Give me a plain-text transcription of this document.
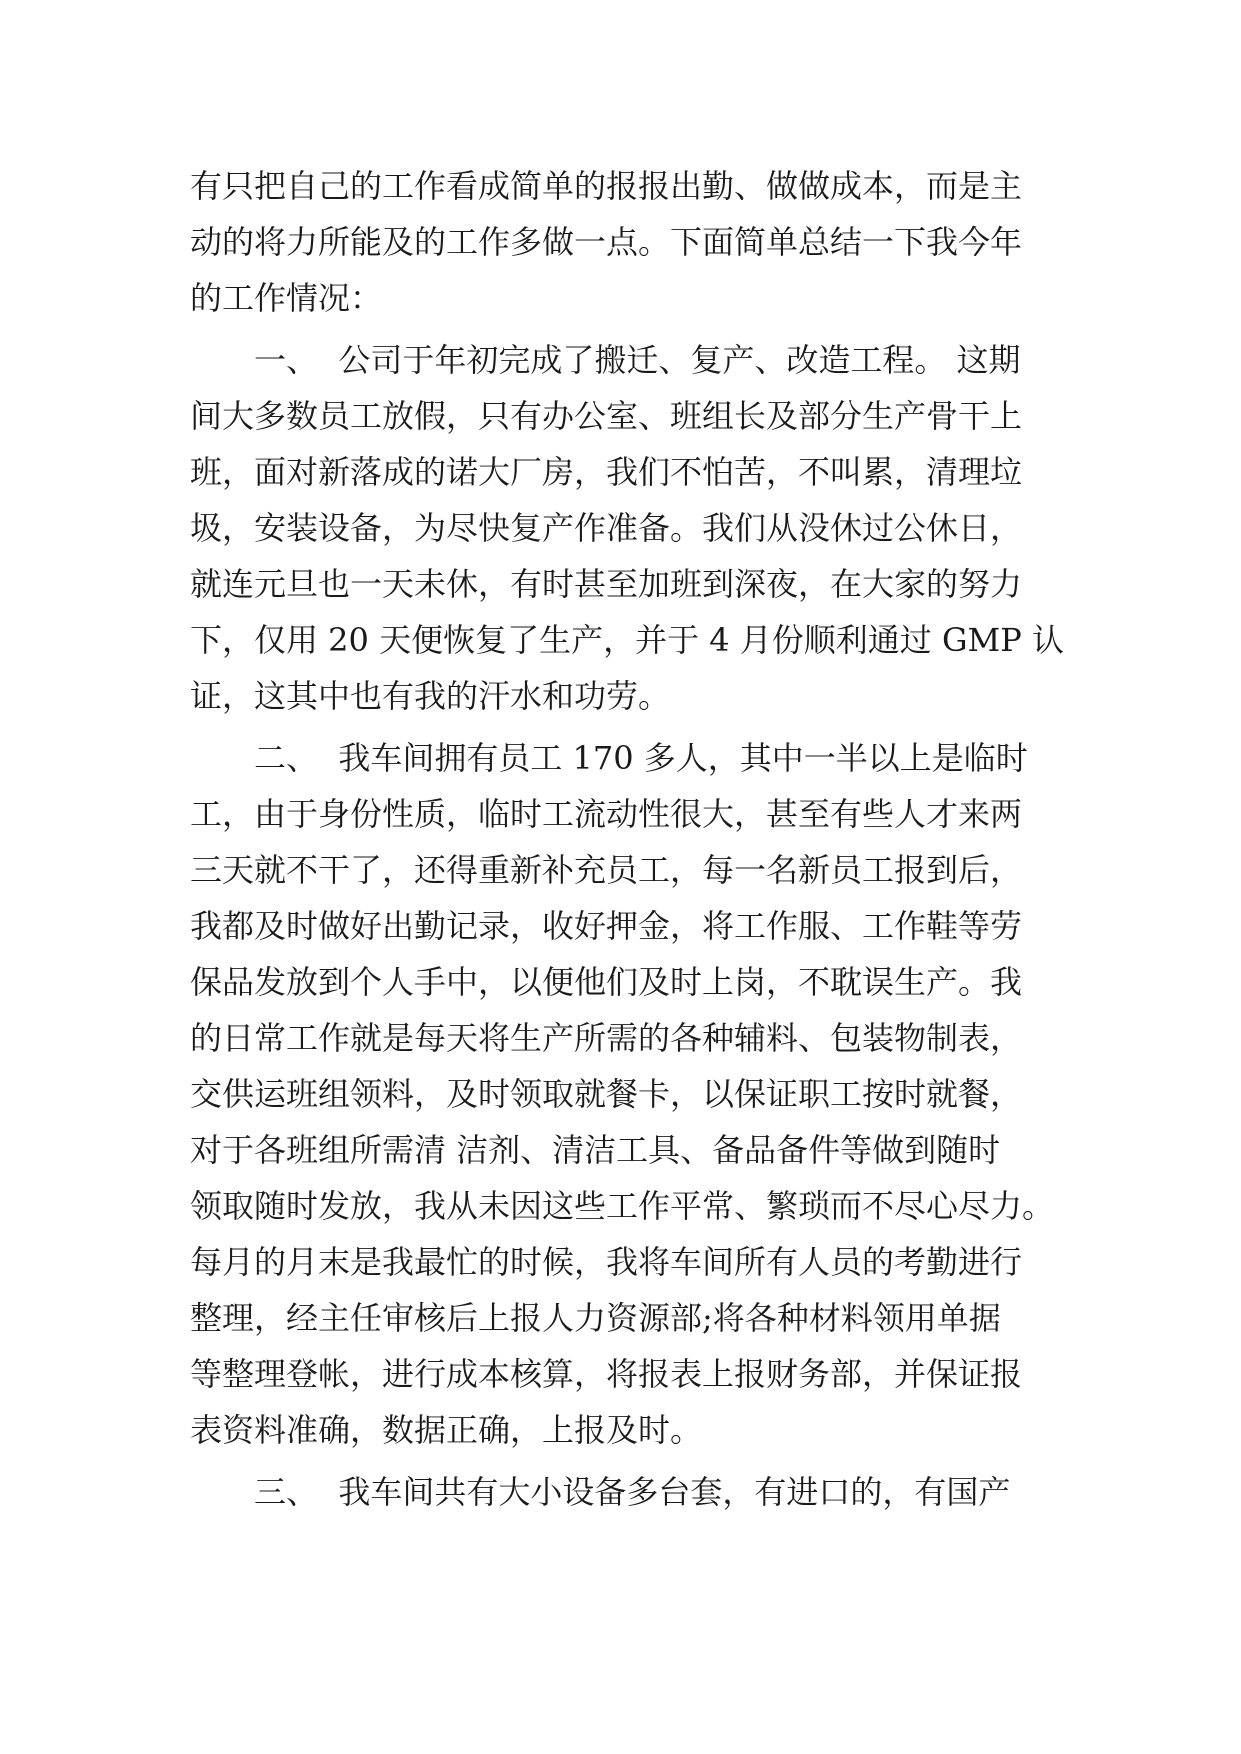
有只把自己的工作看成简单的报报出勤、做做成本，而是主
动的将力所能及的工作多做一点。下面简单总结一下我今年
的工作情况：
一、  公司于年初完成了搬迁、复产、改造工程。 这期
间大多数员工放假，只有办公室、班组长及部分生产骨干上
班，面对新落成的诺大厂房，我们不怕苦，不叫累，清理垃
圾，安装设备，为尽快复产作准备。我们从没休过公休日，
就连元旦也一天未休，有时甚至加班到深夜，在大家的努力
下，仅用 20 天便恢复了生产，并于 4 月份顺利通过 GMP 认
证，这其中也有我的汗水和功劳。
二、  我车间拥有员工 170 多人，其中一半以上是临时
工，由于身份性质，临时工流动性很大，甚至有些人才来两
三天就不干了，还得重新补充员工，每一名新员工报到后，
我都及时做好出勤记录，收好押金，将工作服、工作鞋等劳
保品发放到个人手中，以便他们及时上岗，不耽误生产。我
的日常工作就是每天将生产所需的各种辅料、包装物制表，
交供运班组领料，及时领取就餐卡，以保证职工按时就餐，
对于各班组所需清 洁剂、清洁工具、备品备件等做到随时
领取随时发放，我从未因这些工作平常、繁琐而不尽心尽力。
每月的月末是我最忙的时候，我将车间所有人员的考勤进行
整理，经主任审核后上报人力资源部;将各种材料领用单据
等整理登帐，进行成本核算，将报表上报财务部，并保证报
表资料准确，数据正确，上报及时。
三、  我车间共有大小设备多台套，有进口的，有国产
